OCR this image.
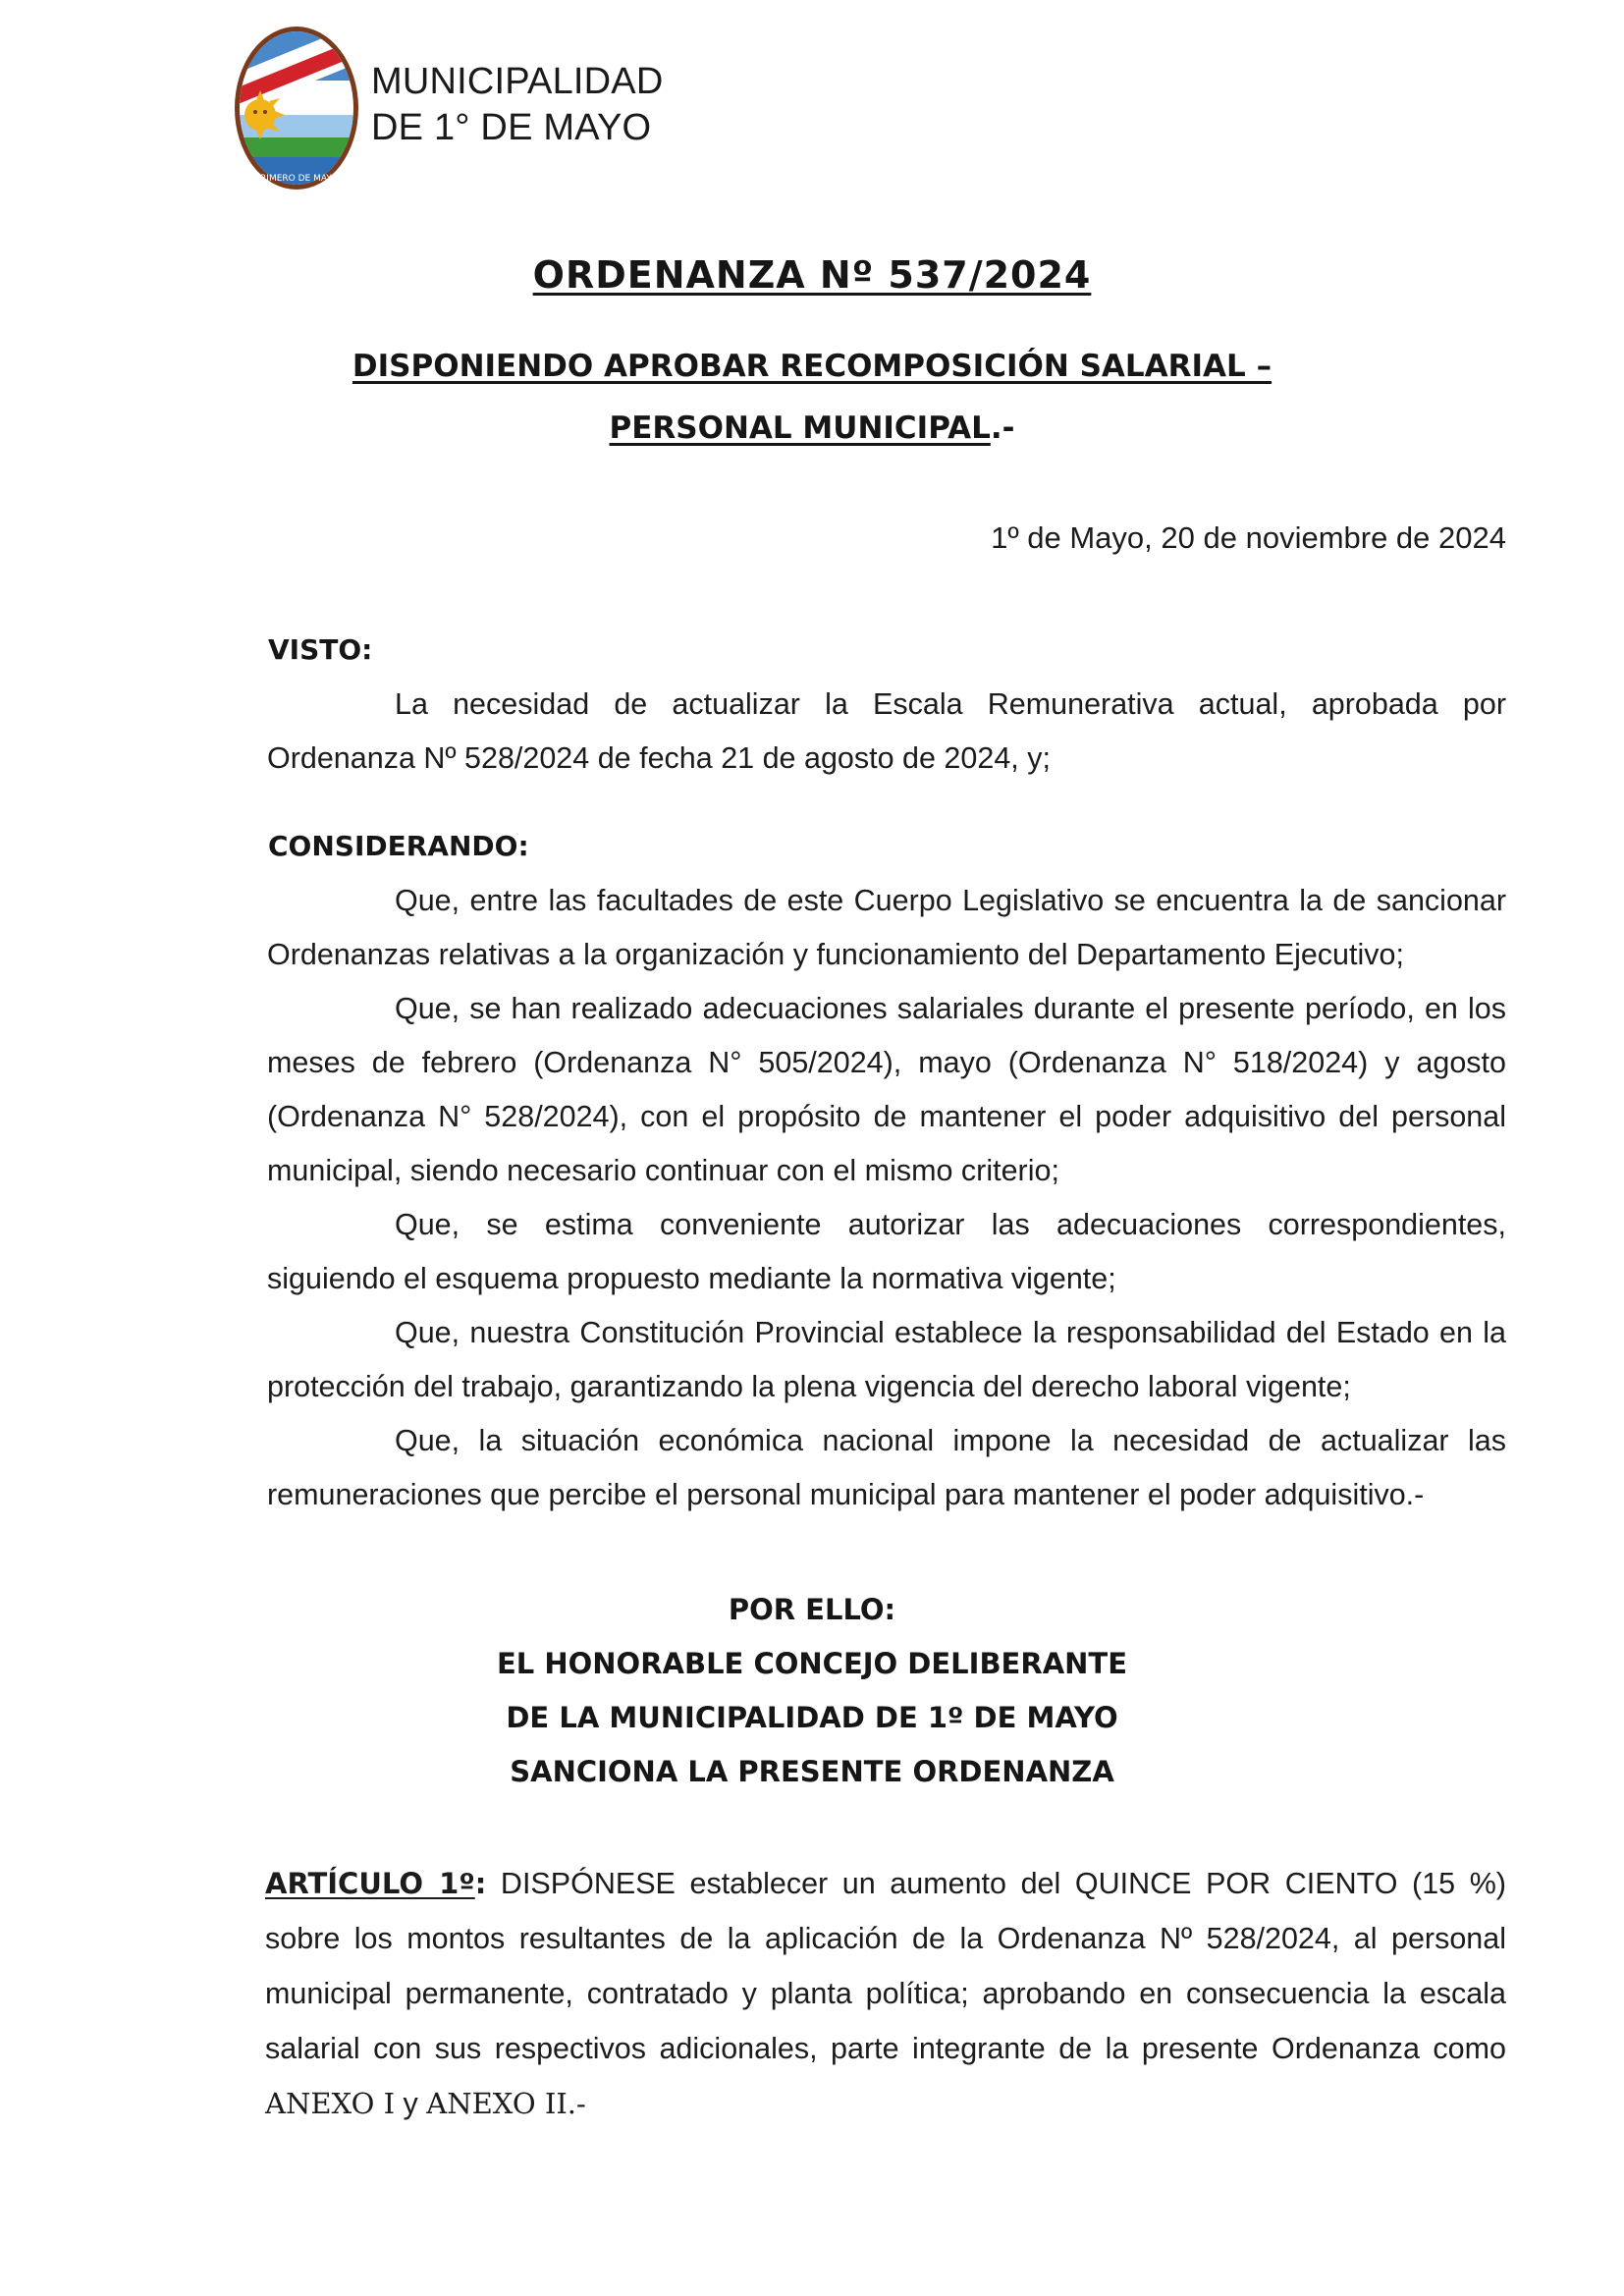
PRIMERO DE MAYO
MUNICIPALIDAD
DE 1° DE MAYO
ORDENANZA Nº 537/2024
DISPONIENDO APROBAR RECOMPOSICIÓN SALARIAL –
PERSONAL MUNICIPAL.-
1º de Mayo, 20 de noviembre de 2024
VISTO:

La necesidad de actualizar la Escala Remunerativa actual, aprobada por Ordenanza Nº 528/2024 de fecha 21 de agosto de 2024, y;

CONSIDERANDO:

Que, entre las facultades de este Cuerpo Legislativo se encuentra la de sancionar Ordenanzas relativas a la organización y funcionamiento del Departamento Ejecutivo;

Que, se han realizado adecuaciones salariales durante el presente período, en los meses de febrero (Ordenanza N° 505/2024), mayo (Ordenanza N° 518/2024) y agosto (Ordenanza N° 528/2024), con el propósito de mantener el poder adquisitivo del personal municipal, siendo necesario continuar con el mismo criterio;

Que, se estima conveniente autorizar las adecuaciones correspondientes, siguiendo el esquema propuesto mediante la normativa vigente;

Que, nuestra Constitución Provincial establece la responsabilidad del Estado en la protección del trabajo, garantizando la plena vigencia del derecho laboral vigente;

Que, la situación económica nacional impone la necesidad de actualizar las remuneraciones que percibe el personal municipal para mantener el poder adquisitivo.-

POR ELLO:
EL HONORABLE CONCEJO DELIBERANTE
DE LA MUNICIPALIDAD DE 1º DE MAYO
SANCIONA LA PRESENTE ORDENANZA
ARTÍCULO 1º: DISPÓNESE establecer un aumento del QUINCE POR CIENTO (15 %) sobre los montos resultantes de la aplicación de la Ordenanza Nº 528/2024, al personal municipal permanente, contratado y planta política; aprobando en consecuencia la escala salarial con sus respectivos adicionales, parte integrante de la presente Ordenanza como ANEXO I y ANEXO II.-
